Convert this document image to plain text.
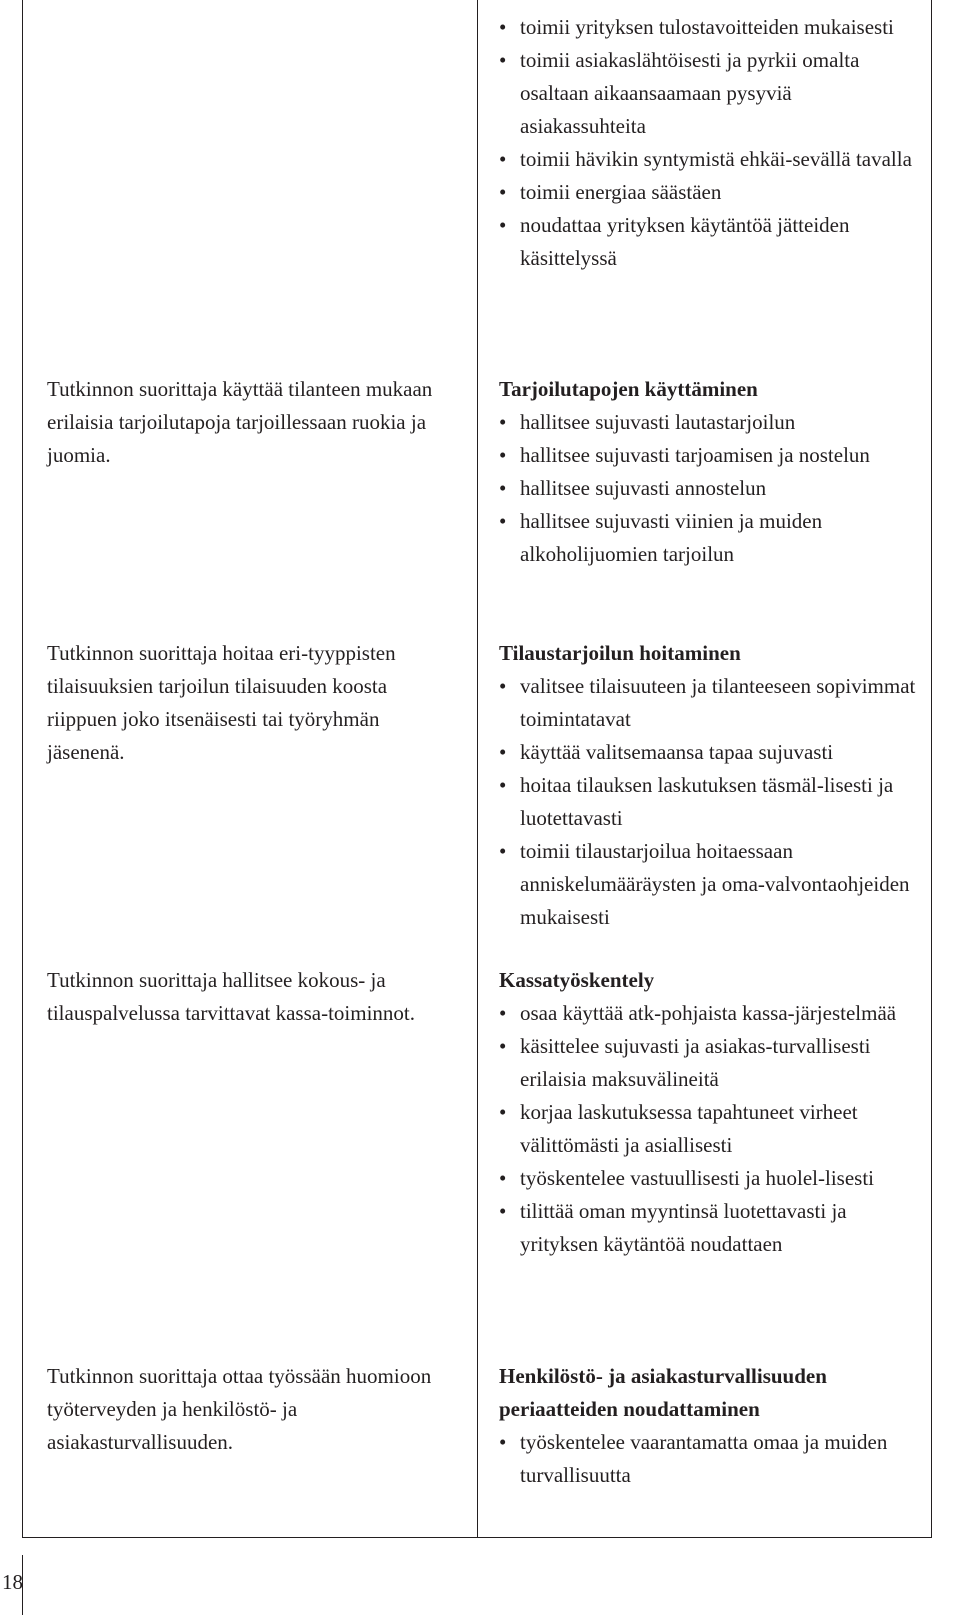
Tutkinnon suorittaja käyttää tilanteen mukaan erilaisia tarjoilutapoja tarjoillessaan ruokia ja juomia.
Tutkinnon suorittaja hoitaa eri-tyyppisten tilaisuuksien tarjoilun tilaisuuden koosta riippuen joko itsenäisesti tai työryhmän jäsenenä.
Tutkinnon suorittaja hallitsee kokous- ja tilauspalvelussa tarvittavat kassa-toiminnot.
Tutkinnon suorittaja ottaa työssään huomioon työterveyden ja henkilöstö- ja asiakasturvallisuuden.
• toimii yrityksen tulostavoitteiden mukaisesti
• toimii asiakaslähtöisesti ja pyrkii omalta osaltaan aikaansaamaan pysyviä asiakassuhteita
• toimii hävikin syntymistä ehkäi-sevällä tavalla
• toimii energiaa säästäen
• noudattaa yrityksen käytäntöä jätteiden käsittelyssä
Tarjoilutapojen käyttäminen
• hallitsee sujuvasti lautastarjoilun
• hallitsee sujuvasti tarjoamisen ja nostelun
• hallitsee sujuvasti annostelun
• hallitsee sujuvasti viinien ja muiden alkoholijuomien tarjoilun
Tilaustarjoilun hoitaminen
• valitsee tilaisuuteen ja tilanteeseen sopivimmat toimintatavat
• käyttää valitsemaansa tapaa sujuvasti
• hoitaa tilauksen laskutuksen täsmäl-lisesti ja luotettavasti
• toimii tilaustarjoilua hoitaessaan anniskelumääräysten ja oma-valvontaohjeiden mukaisesti
Kassatyöskentely
• osaa käyttää atk-pohjaista kassa-järjestelmää
• käsittelee sujuvasti ja asiakas-turvallisesti erilaisia maksuvälineitä
• korjaa laskutuksessa tapahtuneet virheet välittömästi ja asiallisesti
• työskentelee vastuullisesti ja huolel-lisesti
• tilittää oman myyntinsä luotettavasti ja yrityksen käytäntöä noudattaen
Henkilöstö- ja asiakasturvallisuuden periaatteiden noudattaminen
• työskentelee vaarantamatta omaa ja muiden turvallisuutta
18
